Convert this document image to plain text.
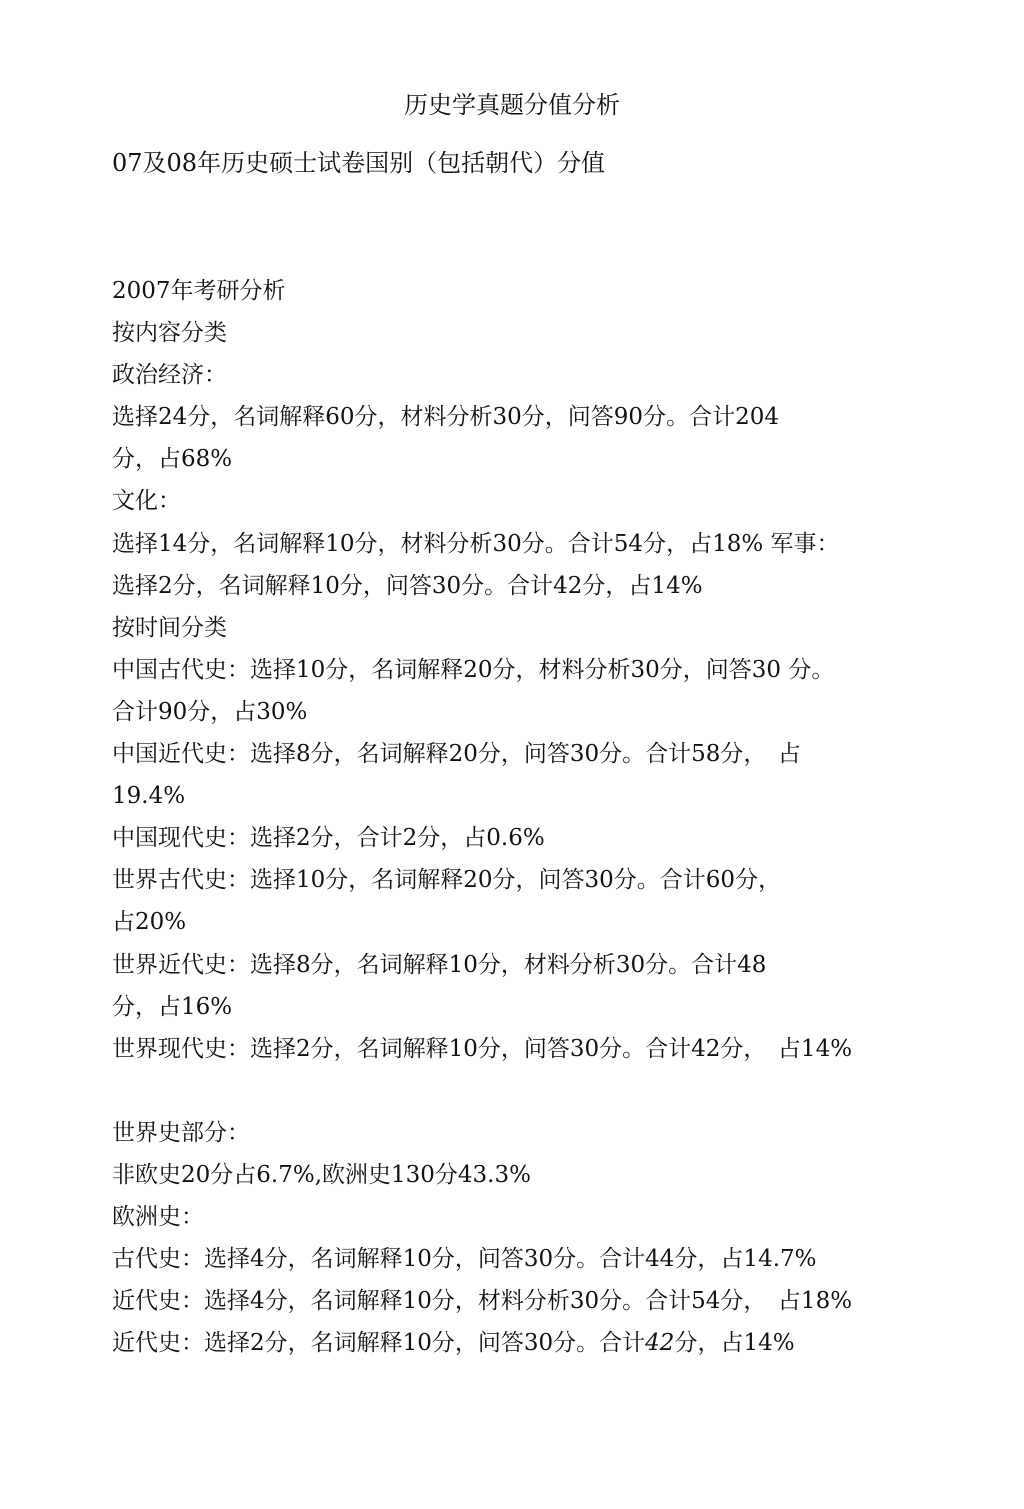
历史学真题分值分析
07及08年历史硕士试卷国别（包括朝代）分值
2007年考研分析
按内容分类
政治经济：
选择24分，名词解释60分，材料分析30分，问答90分。合计204
分，占68%
文化：
选择14分，名词解释10分，材料分析30分。合计54分，占18% 军事：
选择2分，名词解释10分，问答30分。合计42分，占14%
按时间分类
中国古代史：选择10分，名词解释20分，材料分析30分，问答30 分。
合计90分，占30%
中国近代史：选择8分，名词解释20分，问答30分。合计58分，　占
19.4%
中国现代史：选择2分，合计2分，占0.6%
世界古代史：选择10分，名词解释20分，问答30分。合计60分，
占20%
世界近代史：选择8分，名词解释10分，材料分析30分。合计48
分，占16%
世界现代史：选择2分，名词解释10分，问答30分。合计42分，　占14%
世界史部分：
非欧史20分占6.7%,欧洲史130分43.3%
欧洲史：
古代史：选择4分，名词解释10分，问答30分。合计44分，占14.7%
近代史：选择4分，名词解释10分，材料分析30分。合计54分，　占18%
近代史：选择2分，名词解释10分，问答30分。合计42分，占14%
